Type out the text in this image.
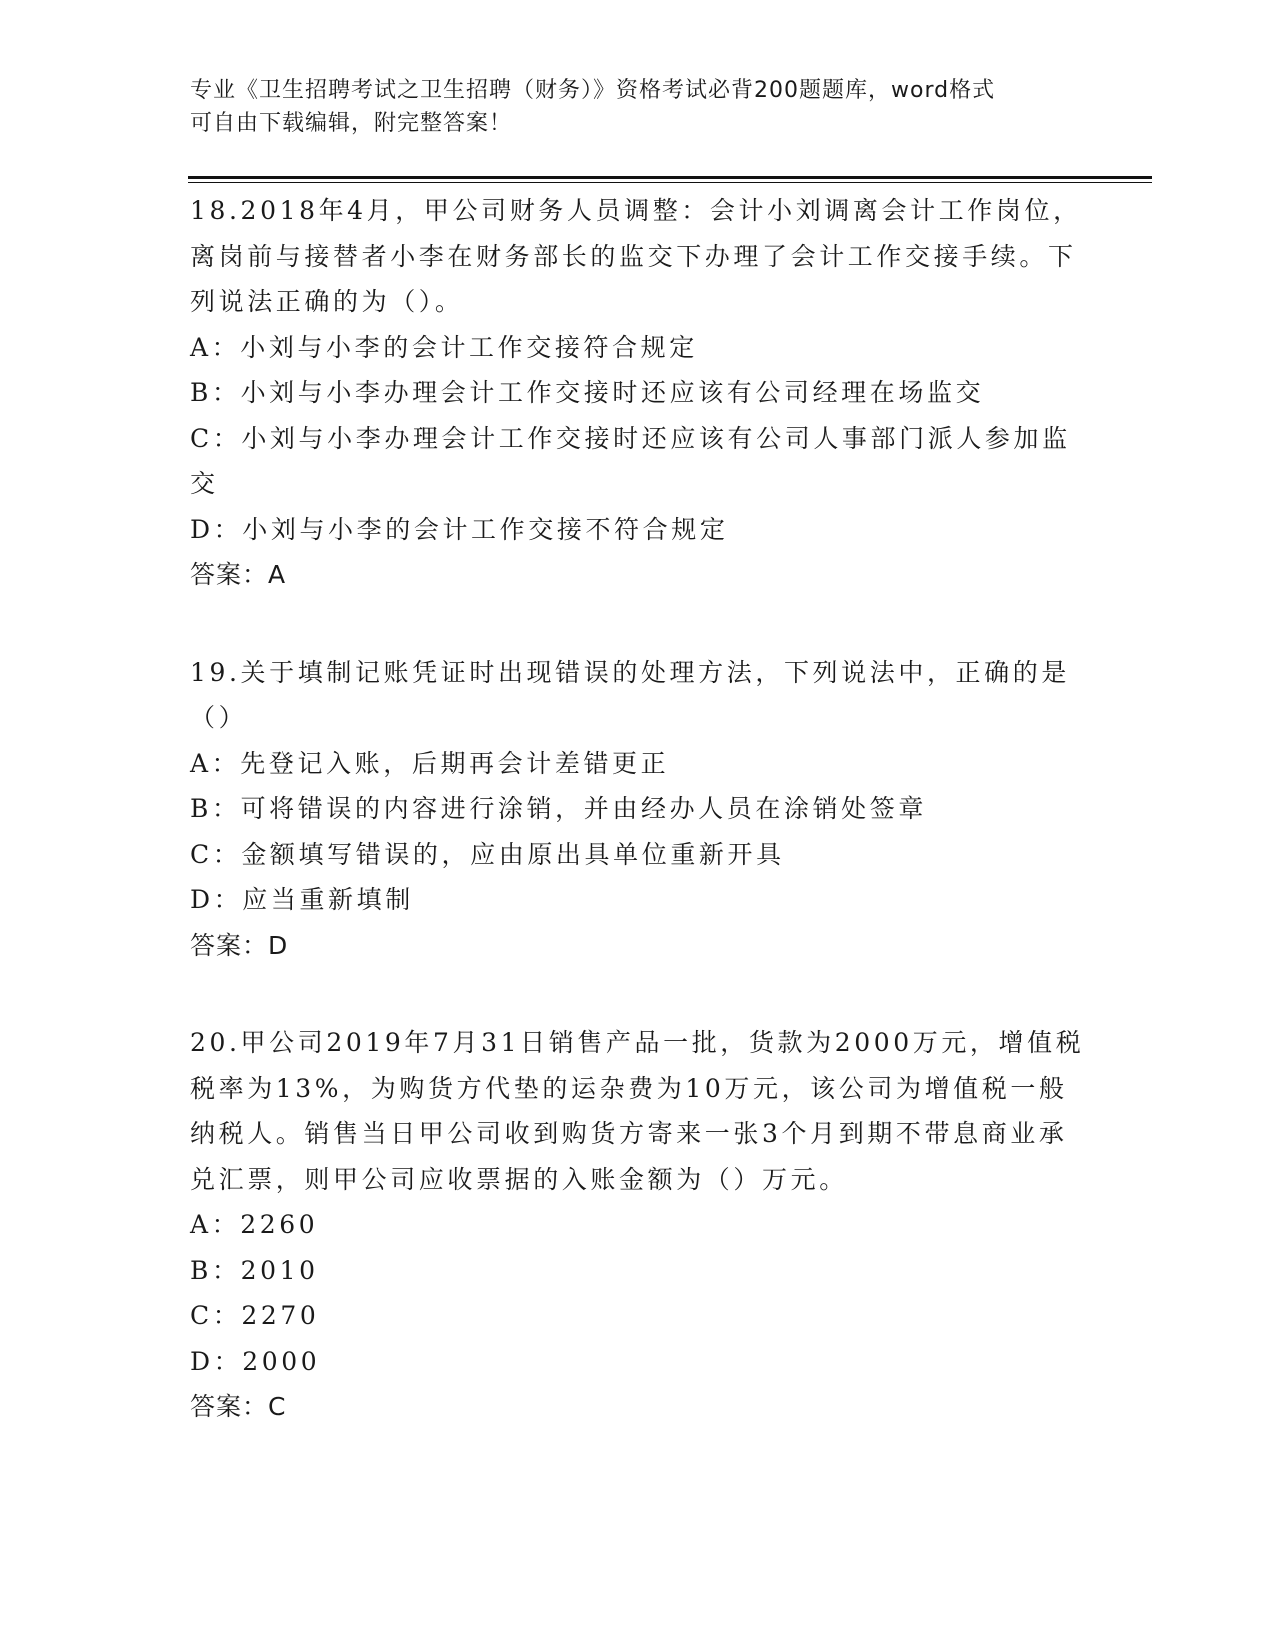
专业《卫生招聘考试之卫生招聘（财务）》资格考试必背200题题库，word格式
可自由下载编辑，附完整答案！

18.2018年4月，甲公司财务人员调整：会计小刘调离会计工作岗位，离岗前与接替者小李在财务部长的监交下办理了会计工作交接手续。下列说法正确的为（）。

A：小刘与小李的会计工作交接符合规定

B：小刘与小李办理会计工作交接时还应该有公司经理在场监交

C：小刘与小李办理会计工作交接时还应该有公司人事部门派人参加监交

D：小刘与小李的会计工作交接不符合规定

答案：A

19.关于填制记账凭证时出现错误的处理方法，下列说法中，正确的是（）

A：先登记入账，后期再会计差错更正

B：可将错误的内容进行涂销，并由经办人员在涂销处签章

C：金额填写错误的，应由原出具单位重新开具

D：应当重新填制

答案：D

20.甲公司2019年7月31日销售产品一批，货款为2000万元，增值税税率为13%，为购货方代垫的运杂费为10万元，该公司为增值税一般纳税人。销售当日甲公司收到购货方寄来一张3个月到期不带息商业承兑汇票，则甲公司应收票据的入账金额为（）万元。

A：2260

B：2010

C：2270

D：2000

答案：C
